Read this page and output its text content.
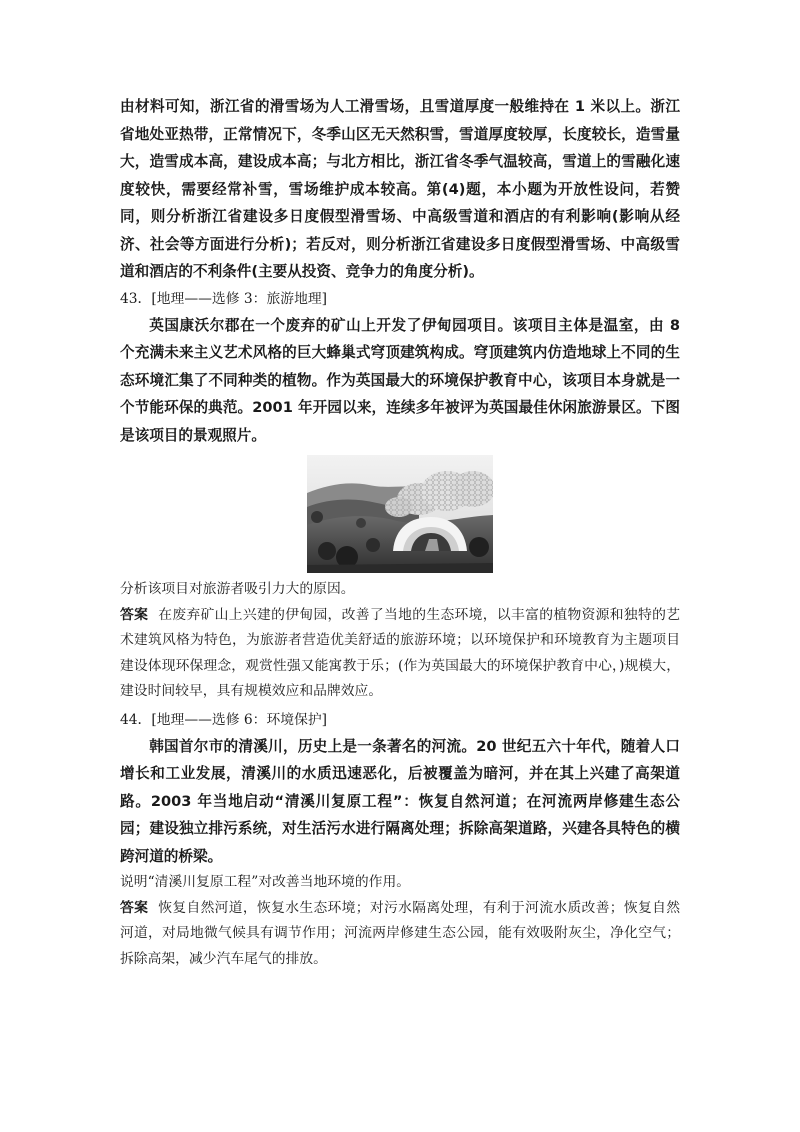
由材料可知，浙江省的滑雪场为人工滑雪场，且雪道厚度一般维持在 1 米以上。浙江省地处亚热带，正常情况下，冬季山区无天然积雪，雪道厚度较厚，长度较长，造雪量大，造雪成本高，建设成本高；与北方相比，浙江省冬季气温较高，雪道上的雪融化速度较快，需要经常补雪，雪场维护成本较高。第(4)题，本小题为开放性设问，若赞同，则分析浙江省建设多日度假型滑雪场、中高级雪道和酒店的有利影响(影响从经济、社会等方面进行分析)；若反对，则分析浙江省建设多日度假型滑雪场、中高级雪道和酒店的不利条件(主要从投资、竞争力的角度分析)。

43．[地理——选修 3：旅游地理]

英国康沃尔郡在一个废弃的矿山上开发了伊甸园项目。该项目主体是温室，由 8 个充满未来主义艺术风格的巨大蜂巢式穹顶建筑构成。穹顶建筑内仿造地球上不同的生态环境汇集了不同种类的植物。作为英国最大的环境保护教育中心，该项目本身就是一个节能环保的典范。2001 年开园以来，连续多年被评为英国最佳休闲旅游景区。下图是该项目的景观照片。

分析该项目对旅游者吸引力大的原因。

答案 在废弃矿山上兴建的伊甸园，改善了当地的生态环境，以丰富的植物资源和独特的艺术建筑风格为特色，为旅游者营造优美舒适的旅游环境；以环境保护和环境教育为主题项目建设体现环保理念，观赏性强又能寓教于乐；(作为英国最大的环境保护教育中心，)规模大，建设时间较早，具有规模效应和品牌效应。

44．[地理——选修 6：环境保护]

韩国首尔市的清溪川，历史上是一条著名的河流。20 世纪五六十年代，随着人口增长和工业发展，清溪川的水质迅速恶化，后被覆盖为暗河，并在其上兴建了高架道路。2003 年当地启动“清溪川复原工程”：恢复自然河道；在河流两岸修建生态公园；建设独立排污系统，对生活污水进行隔离处理；拆除高架道路，兴建各具特色的横跨河道的桥梁。

说明“清溪川复原工程”对改善当地环境的作用。

答案 恢复自然河道，恢复水生态环境；对污水隔离处理，有利于河流水质改善；恢复自然河道，对局地微气候具有调节作用；河流两岸修建生态公园，能有效吸附灰尘，净化空气；拆除高架，减少汽车尾气的排放。
